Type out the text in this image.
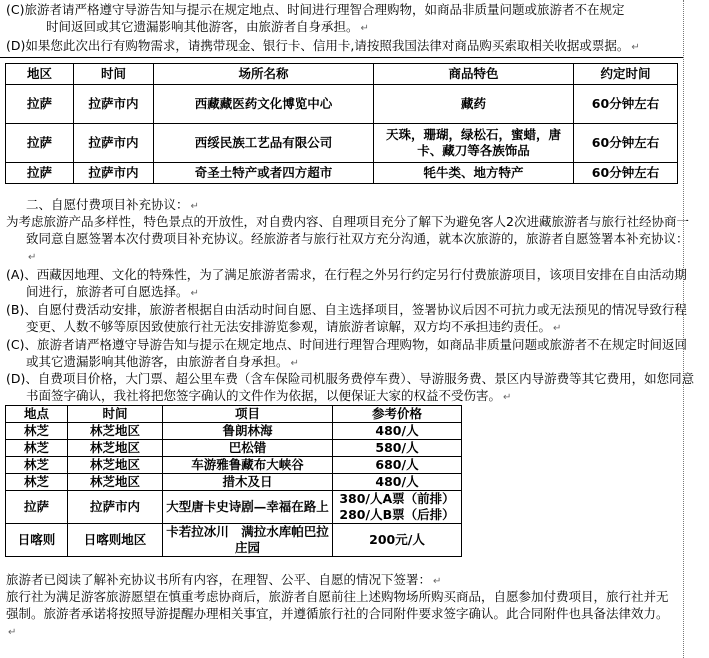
(C)旅游者请严格遵守导游告知与提示在规定地点、时间进行理智合理购物，如商品非质量问题或旅游者不在规定
时间返回或其它遗漏影响其他游客，由旅游者自身承担。 ↵
(D)如果您此次出行有购物需求，请携带现金、银行卡、信用卡,请按照我国法律对商品购买索取相关收据或票据。 ↵
地区	时间	场所名称	商品特色	约定时间
拉萨	拉萨市内	西藏藏医药文化博览中心	藏药	60分钟左右
拉萨	拉萨市内	西绥民族工艺品有限公司	天珠，珊瑚，绿松石，蜜蜡，唐卡、藏刀等各族饰品	60分钟左右
拉萨	拉萨市内	奇圣土特产或者四方超市	牦牛类、地方特产	60分钟左右
二、自愿付费项目补充协议： ↵
为考虑旅游产品多样性，特色景点的开放性，对自费内容、自理项目充分了解下为避免客人2次进藏旅游者与旅行社经协商一致同意自愿签署本次付费项目补充协议。经旅游者与旅行社双方充分沟通，就本次旅游的，旅游者自愿签署本补充协议：↵
(A)、西藏因地理、文化的特殊性，为了满足旅游者需求，在行程之外另行约定另行付费旅游项目，该项目安排在自由活动期间进行，旅游者可自愿选择。 ↵
(B)、自愿付费活动安排，旅游者根据自由活动时间自愿、自主选择项目，签署协议后因不可抗力或无法预见的情况导致行程变更、人数不够等原因致使旅行社无法安排游览参观，请旅游者谅解，双方均不承担违约责任。 ↵
(C)、旅游者请严格遵守导游告知与提示在规定地点、时间进行理智合理购物，如商品非质量问题或旅游者不在规定时间返回或其它遗漏影响其他游客，由旅游者自身承担。 ↵
(D)、自费项目价格，大门票、超公里车费（含车保险司机服务费停车费）、导游服务费、景区内导游费等其它费用，如您同意书面签字确认，我社将把您签字确认的文件作为依据，以便保证大家的权益不受伤害。 ↵
地点	时间	项目	参考价格
林芝	林芝地区	鲁朗林海	480/人
林芝	林芝地区	巴松错	580/人
林芝	林芝地区	车游雅鲁藏布大峡谷	680/人
林芝	林芝地区	措木及日	480/人
拉萨	拉萨市内	大型唐卡史诗剧—幸福在路上	380/人A票（前排）280/人B票（后排）
日喀则	日喀则地区	卡若拉冰川　满拉水库帕巴拉庄园	200元/人
旅游者已阅读了解补充协议书所有内容，在理智、公平、自愿的情况下签署： ↵
旅行社为满足游客旅游愿望在慎重考虑协商后，旅游者自愿前往上述购物场所购买商品，自愿参加付费项目，旅行社并无强制。旅游者承诺将按照导游提醒办理相关事宜，并遵循旅行社的合同附件要求签字确认。此合同附件也具备法律效力。↵
